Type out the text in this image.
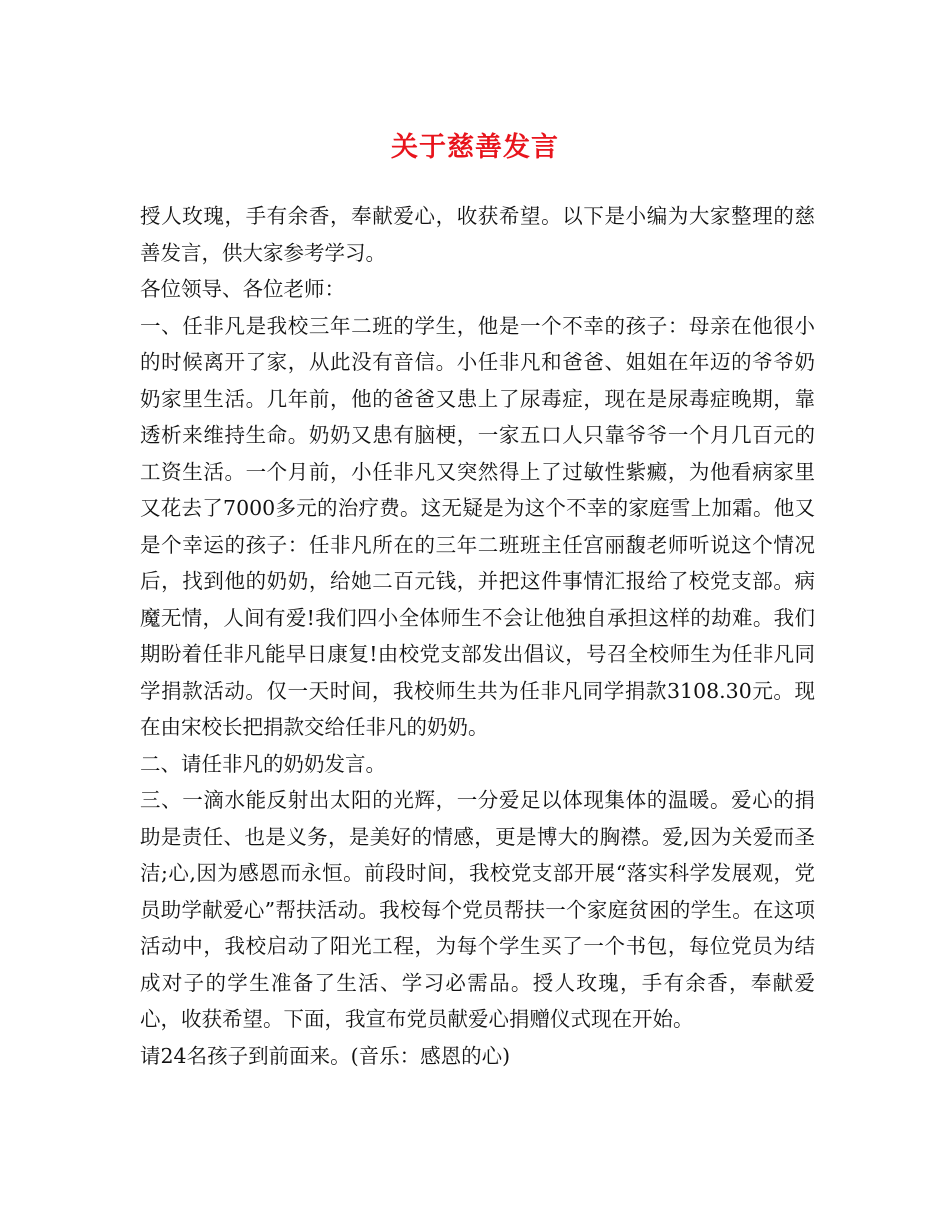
关于慈善发言

授人玫瑰，手有余香，奉献爱心，收获希望。以下是小编为大家整理的慈善发言，供大家参考学习。

各位领导、各位老师：

一、任非凡是我校三年二班的学生，他是一个不幸的孩子：母亲在他很小的时候离开了家，从此没有音信。小任非凡和爸爸、姐姐在年迈的爷爷奶奶家里生活。几年前，他的爸爸又患上了尿毒症，现在是尿毒症晚期，靠透析来维持生命。奶奶又患有脑梗，一家五口人只靠爷爷一个月几百元的工资生活。一个月前，小任非凡又突然得上了过敏性紫癜，为他看病家里又花去了7000多元的治疗费。这无疑是为这个不幸的家庭雪上加霜。他又是个幸运的孩子：任非凡所在的三年二班班主任宫丽馥老师听说这个情况后，找到他的奶奶，给她二百元钱，并把这件事情汇报给了校党支部。病魔无情，人间有爱!我们四小全体师生不会让他独自承担这样的劫难。我们期盼着任非凡能早日康复!由校党支部发出倡议，号召全校师生为任非凡同学捐款活动。仅一天时间，我校师生共为任非凡同学捐款3108.30元。现在由宋校长把捐款交给任非凡的奶奶。

二、请任非凡的奶奶发言。

三、一滴水能反射出太阳的光辉，一分爱足以体现集体的温暖。爱心的捐助是责任、也是义务，是美好的情感，更是博大的胸襟。爱,因为关爱而圣洁;心,因为感恩而永恒。前段时间，我校党支部开展“落实科学发展观，党员助学献爱心”帮扶活动。我校每个党员帮扶一个家庭贫困的学生。在这项活动中，我校启动了阳光工程，为每个学生买了一个书包，每位党员为结成对子的学生准备了生活、学习必需品。授人玫瑰，手有余香，奉献爱心，收获希望。下面，我宣布党员献爱心捐赠仪式现在开始。

请24名孩子到前面来。(音乐：感恩的心)
